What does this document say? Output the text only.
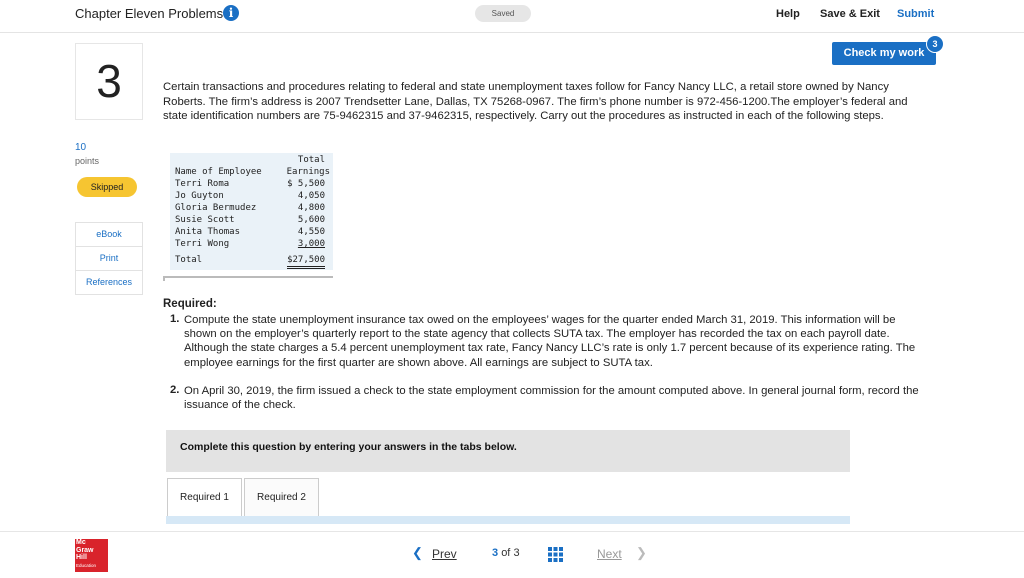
Chapter Eleven Problems i	Saved	Help Save & Exit Submit
Check my work
3
3
10
points
Skipped
eBook
Print
References
Certain transactions and procedures relating to federal and state unemployment taxes follow for Fancy Nancy LLC, a retail store owned by Nancy Roberts. The firm’s address is 2007 Trendsetter Lane, Dallas, TX 75268-0967. The firm’s phone number is 972-456-1200.The employer’s federal and state identification numbers are 75-9462315 and 37-9462315, respectively. Carry out the procedures as instructed in each of the following steps.
Total
Name of Employee	Earnings
Terri Roma	$ 5,500
Jo Guyton	4,050
Gloria Bermudez	4,800
Susie Scott	5,600
Anita Thomas	4,550
Terri Wong	3,000
Total	$27,500
Required:
1. Compute the state unemployment insurance tax owed on the employees’ wages for the quarter ended March 31, 2019. This information will be shown on the employer’s quarterly report to the state agency that collects SUTA tax. The employer has recorded the tax on each payroll date. Although the state charges a 5.4 percent unemployment tax rate, Fancy Nancy LLC’s rate is only 1.7 percent because of its experience rating. The employee earnings for the first quarter are shown above. All earnings are subject to SUTA tax.
2. On April 30, 2019, the firm issued a check to the state employment commission for the amount computed above. In general journal form, record the issuance of the check.
Complete this question by entering your answers in the tabs below.
Required 1	Required 2
Mc
Graw
Hill
Education
❮ Prev	3 of 3	Next ❯
